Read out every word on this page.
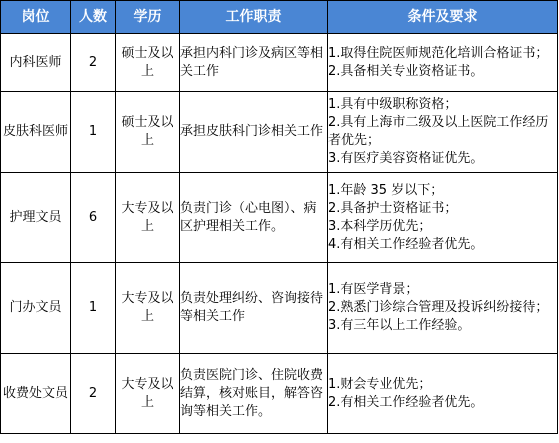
岗位	人数	学历	工作职责	条件及要求
内科医师	2	硕士及以上	承担内科门诊及病区等相关工作	1.取得住院医师规范化培训合格证书；
2.具备相关专业资格证书。

皮肤科医师	1	硕士及以上	承担皮肤科门诊相关工作	1.具有中级职称资格；
2.具有上海市二级及以上医院工作经历者优先；
3.有医疗美容资格证优先。

护理文员	6	大专及以上	负责门诊（心电图）、病区护理相关工作。	1.年龄 35 岁以下；
2.具备护士资格证书；
3.本科学历优先；
4.有相关工作经验者优先。

门办文员	1	大专及以上	负责处理纠纷、咨询接待等相关工作	1.有医学背景；
2.熟悉门诊综合管理及投诉纠纷接待；
3.有三年以上工作经验。

收费处文员	2	大专及以上	负责医院门诊、住院收费结算，核对账目，解答咨询等相关工作。	1.财会专业优先；
2.有相关工作经验者优先。
